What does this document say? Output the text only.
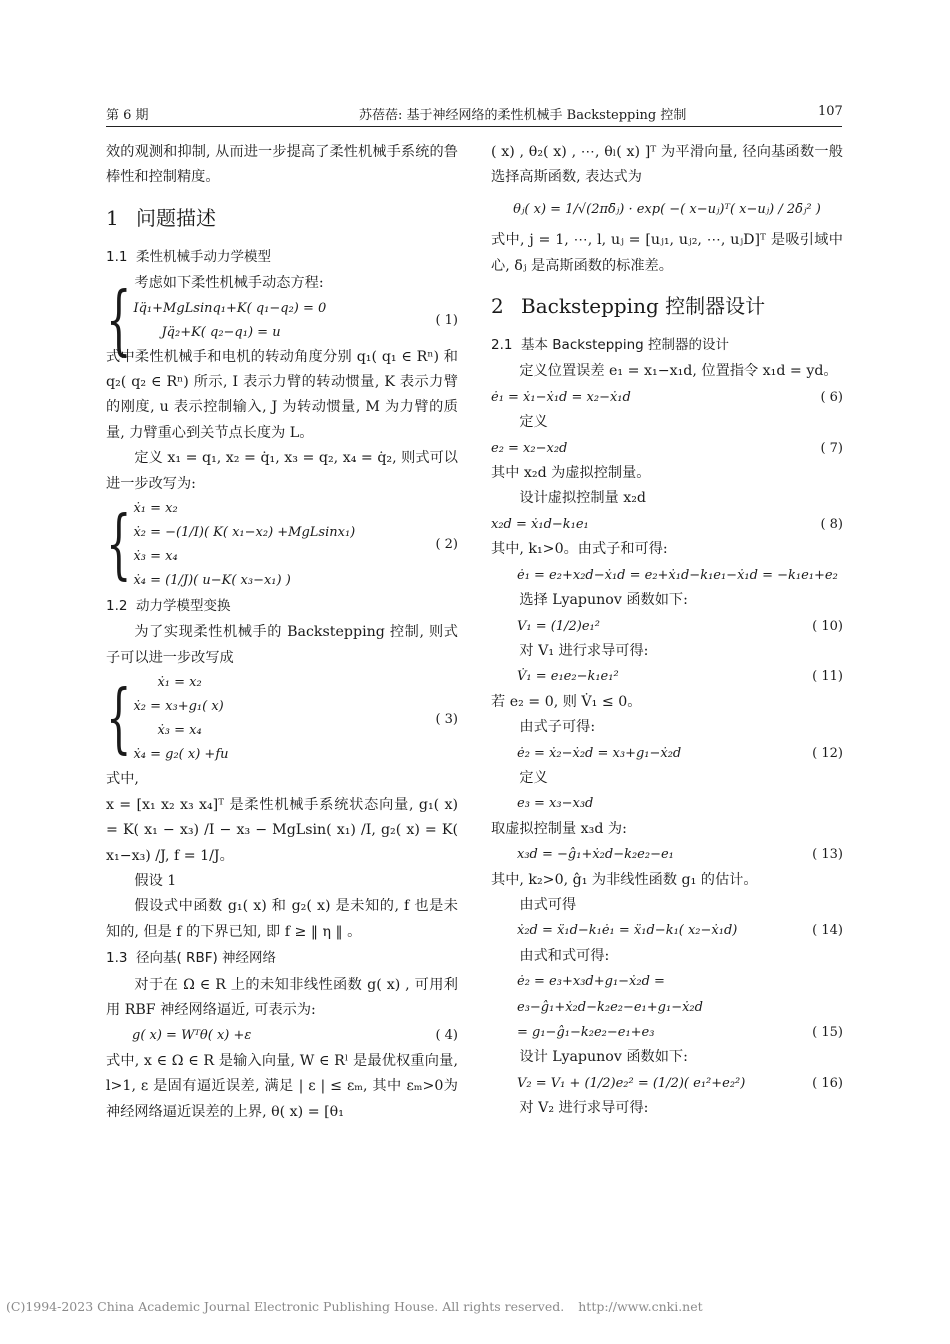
第 6 期	苏蓓蓓: 基于神经网络的柔性机械手 Backstepping 控制	107

效的观测和抑制, 从而进一步提高了柔性机械手系统的鲁棒性和控制精度。

1 问题描述
1.1 柔性机械手动力学模型

考虑如下柔性机械手动态方程:

{ Iq̈₁+MgLsinq₁+K( q₁−q₂) = 0
Jq̈₂+K( q₂−q₁) = u
( 1)

式中柔性机械手和电机的转动角度分别 q₁( q₁ ∈ Rⁿ) 和 q₂( q₂ ∈ Rⁿ) 所示, I 表示力臂的转动惯量, K 表示力臂的刚度, u 表示控制输入, J 为转动惯量, M 为力臂的质量, 力臂重心到关节点长度为 L。

定义 x₁ = q₁, x₂ = q̇₁, x₃ = q₂, x₄ = q̇₂, 则式可以进一步改写为:

{ ẋ₁ = x₂
ẋ₂ = −(1/I)( K( x₁−x₂) +MgLsinx₁)
ẋ₃ = x₄
ẋ₄ = (1/J)( u−K( x₃−x₁) )
( 2)
1.2 动力学模型变换

为了实现柔性机械手的 Backstepping 控制, 则式子可以进一步改写成

{	ẋ₁ = x₂
ẋ₂ = x₃+g₁( x)
ẋ₃ = x₄
ẋ₄ = g₂( x) +fu
( 3)

式中,

x = [x₁ x₂ x₃ x₄]ᵀ 是柔性机械手系统状态向量, g₁( x) = K( x₁ − x₃) /I − x₃ − MgLsin( x₁) /I, g₂( x) = K( x₁−x₃) /J, f = 1/J。

假设 1

假设式中函数 g₁( x) 和 g₂( x) 是未知的, f 也是未知的, 但是 f 的下界已知, 即 f ≥ ‖ η ‖ 。

1.3 径向基( RBF) 神经网络

对于在 Ω ∈ R 上的未知非线性函数 g( x) , 可用利用 RBF 神经网络逼近, 可表示为:

g( x) = Wᵀθ( x) +ε	( 4)

式中, x ∈ Ω ∈ R 是输入向量, W ∈ Rˡ 是最优权重向量, l>1, ε 是固有逼近误差, 满足 | ε | ≤ εₘ, 其中 εₘ>0为神经网络逼近误差的上界, θ( x) = [θ₁

( x) , θ₂( x) , ⋯, θₗ( x) ]ᵀ 为平滑向量, 径向基函数一般选择高斯函数, 表达式为

θⱼ( x) = 1/√(2πδ̄ⱼ) · exp( −( x−uⱼ)ᵀ( x−uⱼ) / 2δ̄ⱼ² )

式中, j = 1, ⋯, l, uⱼ = [uⱼ₁, uⱼ₂, ⋯, uⱼD]ᵀ 是吸引域中心, δ̄ⱼ 是高斯函数的标准差。

2 Backstepping 控制器设计
2.1 基本 Backstepping 控制器的设计

定义位置误差 e₁ = x₁−x₁d, 位置指令 x₁d = yd。

ė₁ = ẋ₁−ẋ₁d = x₂−ẋ₁d	( 6)

定义

e₂ = x₂−x₂d	( 7)

其中 x₂d 为虚拟控制量。

设计虚拟控制量 x₂d

x₂d = ẋ₁d−k₁e₁	( 8)

其中, k₁>0。由式子和可得:

ė₁ = e₂+x₂d−ẋ₁d = e₂+ẋ₁d−k₁e₁−ẋ₁d = −k₁e₁+e₂

选择 Lyapunov 函数如下:

V₁ = (1/2)e₁²	( 10)

对 V₁ 进行求导可得:

V̇₁ = e₁e₂−k₁e₁²	( 11)

若 e₂ = 0, 则 V̇₁ ≤ 0。

由式子可得:

ė₂ = ẋ₂−ẋ₂d = x₃+g₁−ẋ₂d	( 12)

定义

e₃ = x₃−x₃d

取虚拟控制量 x₃d 为:

x₃d = −ĝ₁+ẋ₂d−k₂e₂−e₁	( 13)

其中, k₂>0, ĝ₁ 为非线性函数 g₁ 的估计。

由式可得

ẋ₂d = ẍ₁d−k₁ė₁ = ẍ₁d−k₁( x₂−ẋ₁d)	( 14)

由式和式可得:

ė₂ = e₃+x₃d+g₁−ẋ₂d = e₃−ĝ₁+ẋ₂d−k₂e₂−e₁+g₁−ẋ₂d
= g₁−ĝ₁−k₂e₂−e₁+e₃	( 15)

设计 Lyapunov 函数如下:

V₂ = V₁ + (1/2)e₂² = (1/2)( e₁²+e₂²)	( 16)

对 V₂ 进行求导可得:

(C)1994-2023 China Academic Journal Electronic Publishing House. All rights reserved. http://www.cnki.net
